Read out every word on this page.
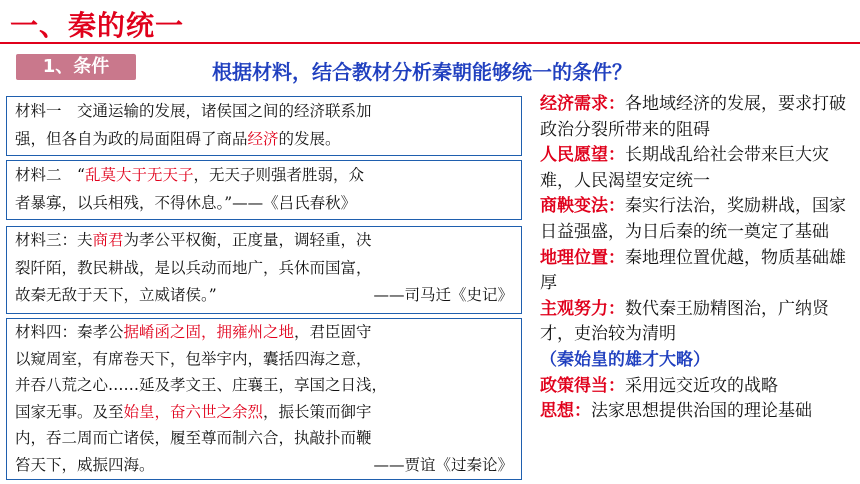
一、秦的统一
1、条件	根据材料，结合教材分析秦朝能够统一的条件？
材料一　交通运输的发展，诸侯国之间的经济联系加
强，但各自为政的局面阻碍了商品经济的发展。
材料二　“乱莫大于无天子，无天子则强者胜弱，众
者暴寡，以兵相残，不得休息。”——《吕氏春秋》
材料三：夫商君为孝公平权衡，正度量，调轻重，决
裂阡陌，教民耕战，是以兵动而地广，兵休而国富，
故秦无敌于天下，立威诸侯。”	——司马迁《史记》
材料四：秦孝公据崤函之固，拥雍州之地，君臣固守
以窥周室，有席卷天下，包举宇内，囊括四海之意，
并吞八荒之心……延及孝文王、庄襄王，享国之日浅，
国家无事。及至始皇，奋六世之余烈，振长策而御宇
内，吞二周而亡诸侯，履至尊而制六合，执敲扑而鞭
笞天下，威振四海。	——贾谊《过秦论》

经济需求：各地域经济的发展，要求打破政治分裂所带来的阻碍

人民愿望：长期战乱给社会带来巨大灾难，人民渴望安定统一

商鞅变法：秦实行法治，奖励耕战，国家日益强盛，为日后秦的统一奠定了基础

地理位置：秦地理位置优越，物质基础雄厚

主观努力：数代秦王励精图治，广纳贤才，吏治较为清明

（秦始皇的雄才大略）

政策得当：采用远交近攻的战略

思想：法家思想提供治国的理论基础
